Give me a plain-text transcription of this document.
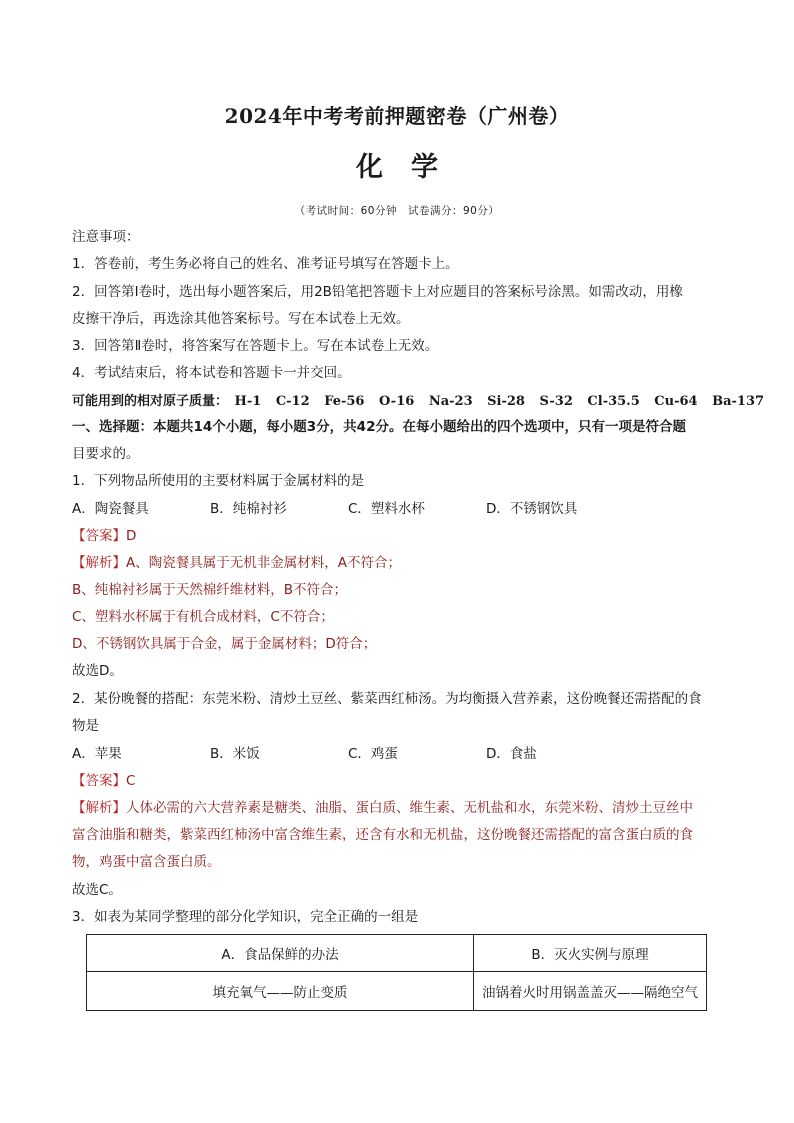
2024年中考考前押题密卷（广州卷）
化学
（考试时间：60分钟　试卷满分：90分）
注意事项：
1．答卷前，考生务必将自己的姓名、准考证号填写在答题卡上。
2．回答第Ⅰ卷时，选出每小题答案后，用2B铅笔把答题卡上对应题目的答案标号涂黑。如需改动，用橡
皮擦干净后，再选涂其他答案标号。写在本试卷上无效。
3．回答第Ⅱ卷时，将答案写在答题卡上。写在本试卷上无效。
4．考试结束后，将本试卷和答题卡一并交回。
可能用到的相对原子质量： H-1 C-12 Fe-56 O-16 Na-23 Si-28 S-32 Cl-35.5 Cu-64 Ba-137
一、选择题：本题共14个小题，每小题3分，共42分。在每小题给出的四个选项中，只有一项是符合题
目要求的。
1．下列物品所使用的主要材料属于金属材料的是
A．陶瓷餐具	B．纯棉衬衫	C．塑料水杯	D．不锈钢饮具
【答案】D
【解析】A、陶瓷餐具属于无机非金属材料，A不符合；
B、纯棉衬衫属于天然棉纤维材料，B不符合；
C、塑料水杯属于有机合成材料，C不符合；
D、不锈钢饮具属于合金，属于金属材料；D符合；
故选D。
2．某份晚餐的搭配：东莞米粉、清炒土豆丝、紫菜西红柿汤。为均衡摄入营养素，这份晚餐还需搭配的食
物是
A．苹果	B．米饭	C．鸡蛋	D．食盐
【答案】C
【解析】人体必需的六大营养素是糖类、油脂、蛋白质、维生素、无机盐和水，东莞米粉、清炒土豆丝中
富含油脂和糖类，紫菜西红柿汤中富含维生素，还含有水和无机盐，这份晚餐还需搭配的富含蛋白质的食
物，鸡蛋中富含蛋白质。
故选C。
3．如表为某同学整理的部分化学知识，完全正确的一组是
A．食品保鲜的办法	B．灭火实例与原理
填充氧气——防止变质	油锅着火时用锅盖盖灭——隔绝空气
